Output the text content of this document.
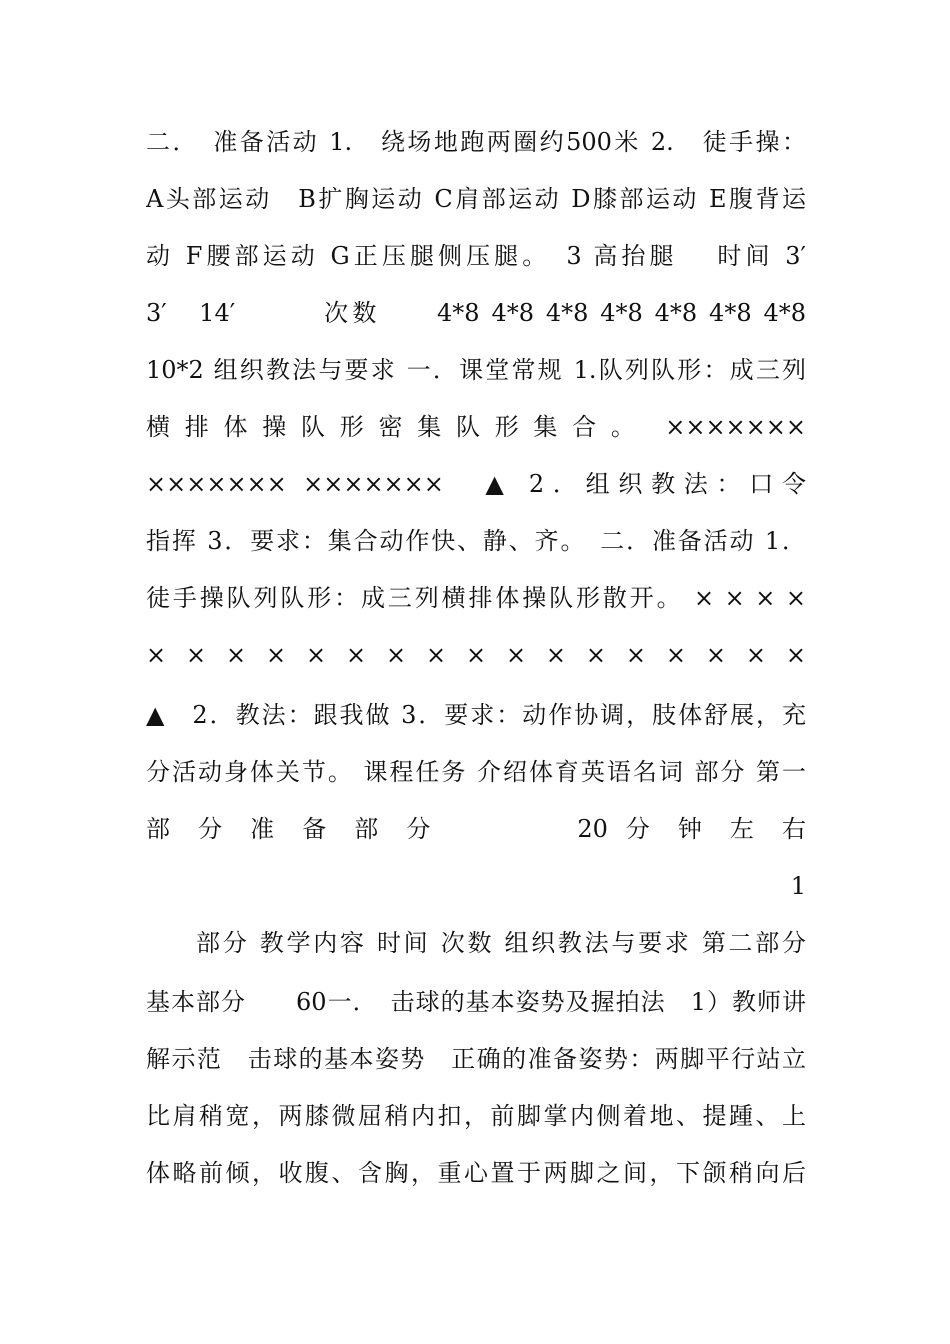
二．　准备活动 1.　绕场地跑两圈约500米 2.　徒手操：
A头部运动　B扩胸运动 C肩部运动 D膝部运动 E腹背运
动 F腰部运动 G正压腿侧压腿。　3 高抬腿　 时间 3′
3′　14′　　　次数　　4*8 4*8 4*8 4*8 4*8 4*8 4*8
10*2 组织教法与要求 一．课堂常规 1.队列队形：成三列
横 排 体 操 队 形 密 集 队 形 集 合 。　 ×××××××
××××××× ×××××××　▲ 2．组织教法：口令
指挥 3．要求：集合动作快、静、齐。　二．准备活动 1．
徒手操队列队形：成三列横排体操队形散开。 × × × ×
× × × × × × × × × × × × × × × × ×
▲　2．教法：跟我做 3．要求：动作协调，肢体舒展，充
分活动身体关节。 课程任务 介绍体育英语名词 部分 第一
部 分 准 备 部 分　　　　20 分 钟 左 右
1
部分 教学内容 时间 次数 组织教法与要求 第二部分
基本部分　　60一．　击球的基本姿势及握拍法　1）教师讲
解示范　击球的基本姿势　正确的准备姿势：两脚平行站立
比肩稍宽，两膝微屈稍内扣，前脚掌内侧着地、提踵、上
体略前倾，收腹、含胸，重心置于两脚之间，下颌稍向后
